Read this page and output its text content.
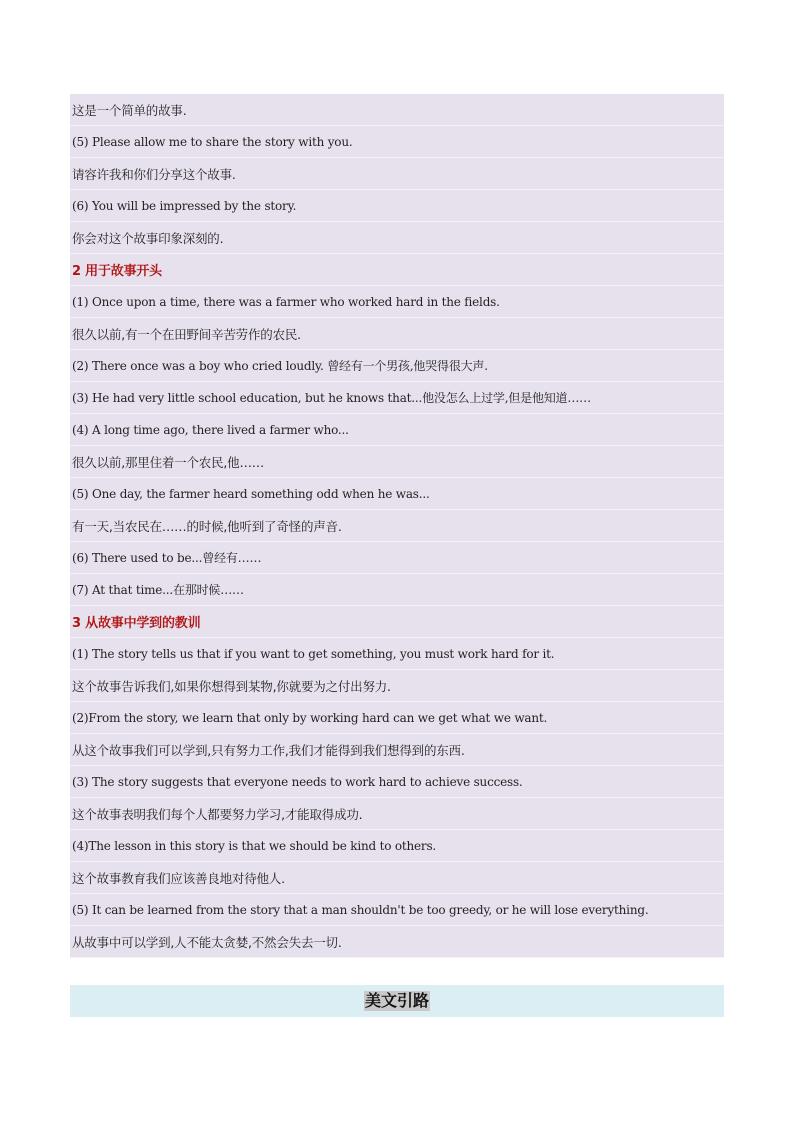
这是一个简单的故事.
(5) Please allow me to share the story with you.
请容许我和你们分享这个故事.
(6) You will be impressed by the story.
你会对这个故事印象深刻的.
2 用于故事开头
(1) Once upon a time, there was a farmer who worked hard in the fields.
很久以前,有一个在田野间辛苦劳作的农民.
(2) There once was a boy who cried loudly. 曾经有一个男孩,他哭得很大声.
(3) He had very little school education, but he knows that...他没怎么上过学,但是他知道……
(4) A long time ago, there lived a farmer who...
很久以前,那里住着一个农民,他……
(5) One day, the farmer heard something odd when he was...
有一天,当农民在……的时候,他听到了奇怪的声音.
(6) There used to be...曾经有……
(7) At that time...在那时候……
3 从故事中学到的教训
(1) The story tells us that if you want to get something, you must work hard for it.
这个故事告诉我们,如果你想得到某物,你就要为之付出努力.
(2)From the story, we learn that only by working hard can we get what we want.
从这个故事我们可以学到,只有努力工作,我们才能得到我们想得到的东西.
(3) The story suggests that everyone needs to work hard to achieve success.
这个故事表明我们每个人都要努力学习,才能取得成功.
(4)The lesson in this story is that we should be kind to others.
这个故事教育我们应该善良地对待他人.
(5) It can be learned from the story that a man shouldn't be too greedy, or he will lose everything.
从故事中可以学到,人不能太贪婪,不然会失去一切.
美文引路
